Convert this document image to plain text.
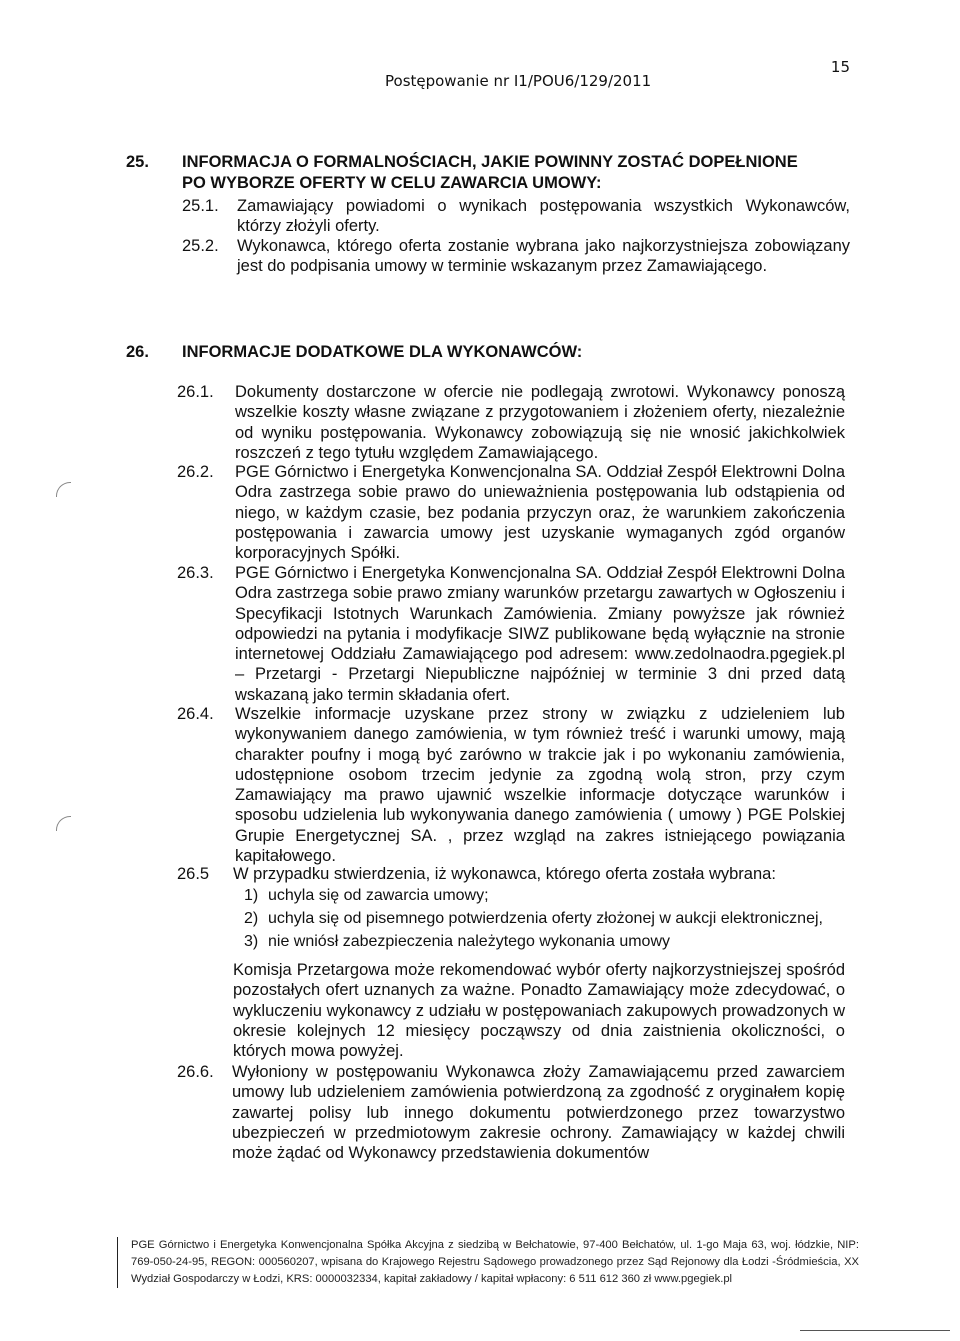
15
Postępowanie nr I1/POU6/129/2011
25. INFORMACJA O FORMALNOŚCIACH, JAKIE POWINNY ZOSTAĆ DOPEŁNIONE
PO WYBORZE OFERTY W CELU ZAWARCIA UMOWY:
25.1. Zamawiający powiadomi o wynikach postępowania wszystkich Wykonawców, którzy złożyli oferty.
25.2. Wykonawca, którego oferta zostanie wybrana jako najkorzystniejsza zobowiązany jest do podpisania umowy w terminie wskazanym przez Zamawiającego.
26. INFORMACJE DODATKOWE DLA WYKONAWCÓW:
26.1. Dokumenty dostarczone w ofercie nie podlegają zwrotowi. Wykonawcy ponoszą wszelkie koszty własne związane z przygotowaniem i złożeniem oferty, niezależnie od wyniku postępowania. Wykonawcy zobowiązują się nie wnosić jakichkolwiek roszczeń z tego tytułu względem Zamawiającego.
26.2. PGE Górnictwo i Energetyka Konwencjonalna SA. Oddział Zespół Elektrowni Dolna Odra zastrzega sobie prawo do unieważnienia postępowania lub odstąpienia od niego, w każdym czasie, bez podania przyczyn oraz, że warunkiem zakończenia postępowania i zawarcia umowy jest uzyskanie wymaganych zgód organów korporacyjnych Spółki.
26.3. PGE Górnictwo i Energetyka Konwencjonalna SA. Oddział Zespół Elektrowni Dolna Odra zastrzega sobie prawo zmiany warunków przetargu zawartych w Ogłoszeniu i Specyfikacji Istotnych Warunkach Zamówienia. Zmiany powyższe jak również odpowiedzi na pytania i modyfikacje SIWZ publikowane będą wyłącznie na stronie internetowej Oddziału Zamawiającego pod adresem: www.zedolnaodra.pgegiek.pl – Przetargi - Przetargi Niepubliczne najpóźniej w terminie 3 dni przed datą wskazaną jako termin składania ofert.
26.4. Wszelkie informacje uzyskane przez strony w związku z udzieleniem lub wykonywaniem danego zamówienia, w tym również treść i warunki umowy, mają charakter poufny i mogą być zarówno w trakcie jak i po wykonaniu zamówienia, udostępnione osobom trzecim jedynie za zgodną wolą stron, przy czym Zamawiający ma prawo ujawnić wszelkie informacje dotyczące warunków i sposobu udzielenia lub wykonywania danego zamówienia ( umowy ) PGE Polskiej Grupie Energetycznej SA. , przez wzgląd na zakres istniejącego powiązania kapitałowego.
26.5 W przypadku stwierdzenia, iż wykonawca, którego oferta została wybrana:
1) uchyla się od zawarcia umowy;
2) uchyla się od pisemnego potwierdzenia oferty złożonej w aukcji elektronicznej,
3) nie wniósł zabezpieczenia należytego wykonania umowy
Komisja Przetargowa może rekomendować wybór oferty najkorzystniejszej spośród pozostałych ofert uznanych za ważne. Ponadto Zamawiający może zdecydować, o wykluczeniu wykonawcy z udziału w postępowaniach zakupowych prowadzonych w okresie kolejnych 12 miesięcy począwszy od dnia zaistnienia okoliczności, o których mowa powyżej.
26.6. Wyłoniony w postępowaniu Wykonawca złoży Zamawiającemu przed zawarciem umowy lub udzieleniem zamówienia potwierdzoną za zgodność z oryginałem kopię zawartej polisy lub innego dokumentu potwierdzonego przez towarzystwo ubezpieczeń w przedmiotowym zakresie ochrony. Zamawiający w każdej chwili może żądać od Wykonawcy przedstawienia dokumentów
PGE Górnictwo i Energetyka Konwencjonalna Spółka Akcyjna z siedzibą w Bełchatowie, 97-400 Bełchatów, ul. 1-go Maja 63, woj. łódzkie, NIP: 769-050-24-95, REGON: 000560207, wpisana do Krajowego Rejestru Sądowego prowadzonego przez Sąd Rejonowy dla Łodzi -Śródmieścia, XX Wydział Gospodarczy w Łodzi, KRS: 0000032334, kapitał zakładowy / kapitał wpłacony: 6 511 612 360 zł www.pgegiek.pl
